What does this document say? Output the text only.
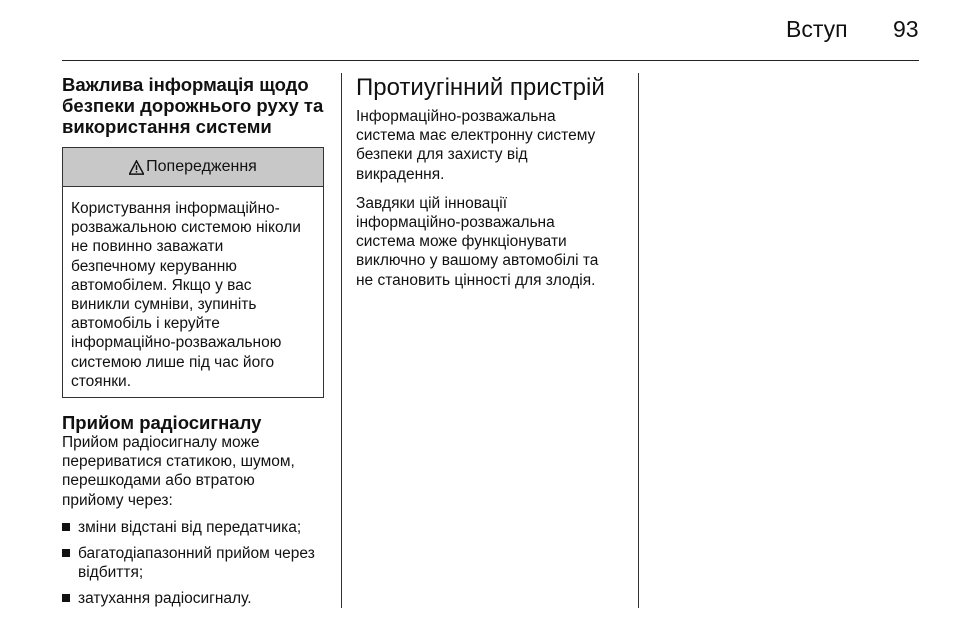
Вступ 93
Важлива інформація щодо
безпеки дорожнього руху та
використання системи
Попередження
Користування інформаційно-
розважальною системою ніколи
не повинно заважати
безпечному керуванню
автомобілем. Якщо у вас
виникли сумніви, зупиніть
автомобіль і керуйте
інформаційно-розважальною
системою лише під час його
стоянки.
Прийом радіосигналу

Прийом радіосигналу може
перериватися статикою, шумом,
перешкодами або втратою
прийому через:

зміни відстані від передатчика;
багатодіапазонний прийом через
відбиття;
затухання радіосигналу.
Протиугінний пристрій

Інформаційно-розважальна
система має електронну систему
безпеки для захисту від
викрадення.

Завдяки цій інновації
інформаційно-розважальна
система може функціонувати
виключно у вашому автомобілі та
не становить цінності для злодія.
